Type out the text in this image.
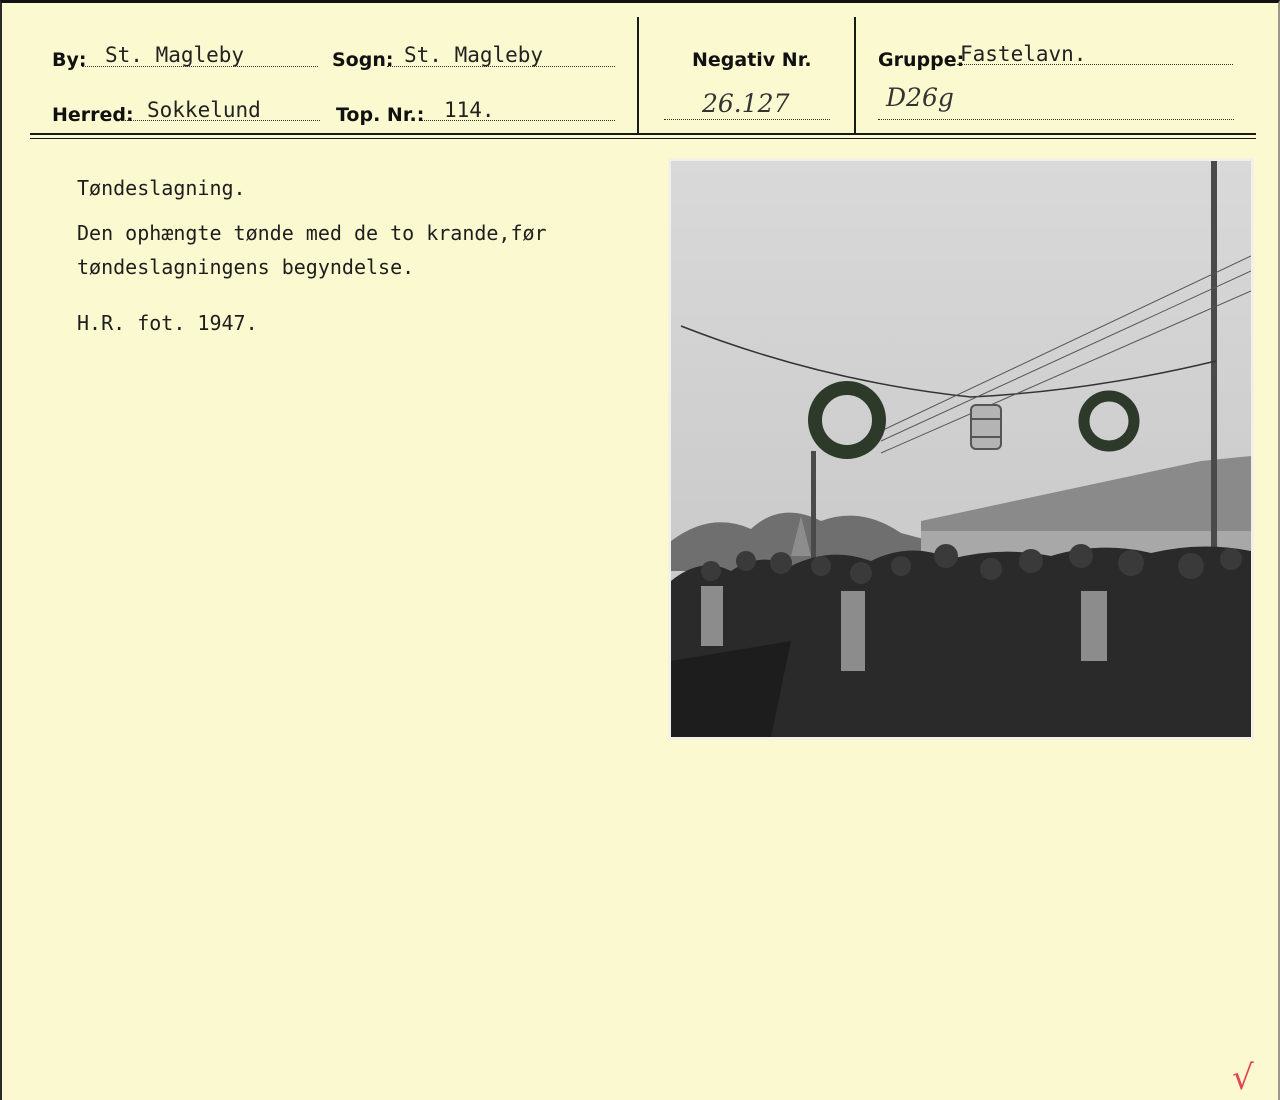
By: St. Magleby	Sogn: St. Magleby
Herred: Sokkelund	Top. Nr.: 114.
Negativ Nr.
26.127
Gruppe:
Fastelavn.
D26g
Tøndeslagning.
Den ophængte tønde med de to krande,før
tøndeslagningens begyndelse.
H.R. fot. 1947.
√
